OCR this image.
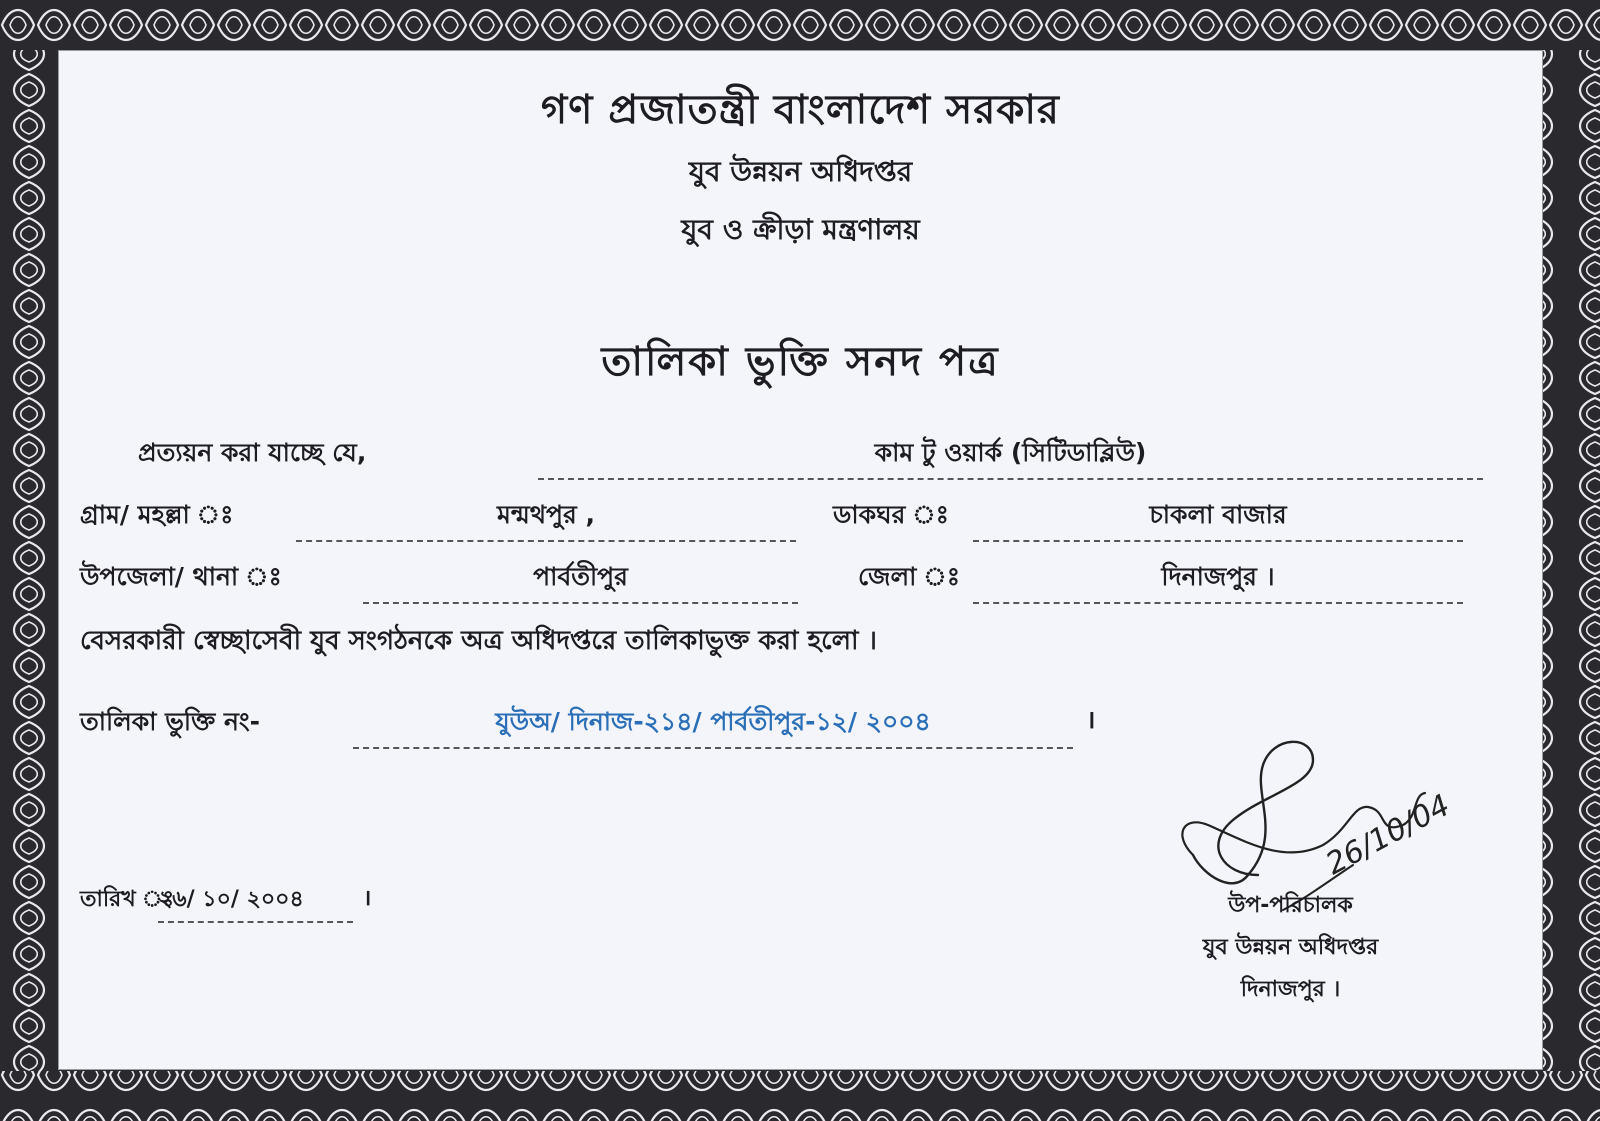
গণ প্রজাতন্ত্রী বাংলাদেশ সরকার
যুব উন্নয়ন অধিদপ্তর
যুব ও ক্রীড়া মন্ত্রণালয়
তালিকা ভুক্তি সনদ পত্র
প্রত্যয়ন করা যাচ্ছে যে,	কাম টু ওয়ার্ক (সিটিডাব্লিউ)
গ্রাম/ মহল্লা ঃ	মন্মথপুর ,	ডাকঘর ঃ	চাকলা বাজার
উপজেলা/ থানা ঃ	পার্বতীপুর	জেলা ঃ	দিনাজপুর ।
বেসরকারী স্বেচ্ছাসেবী যুব সংগঠনকে অত্র অধিদপ্তরে তালিকাভুক্ত করা হলো ।
তালিকা ভুক্তি নং-	যুউঅ/ দিনাজ-২১৪/ পার্বতীপুর-১২/ ২০০৪	।
26/10/04
তারিখ ঃ
২৬/ ১০/ ২০০৪	।	উপ-পরিচালক
যুব উন্নয়ন অধিদপ্তর
দিনাজপুর ।
